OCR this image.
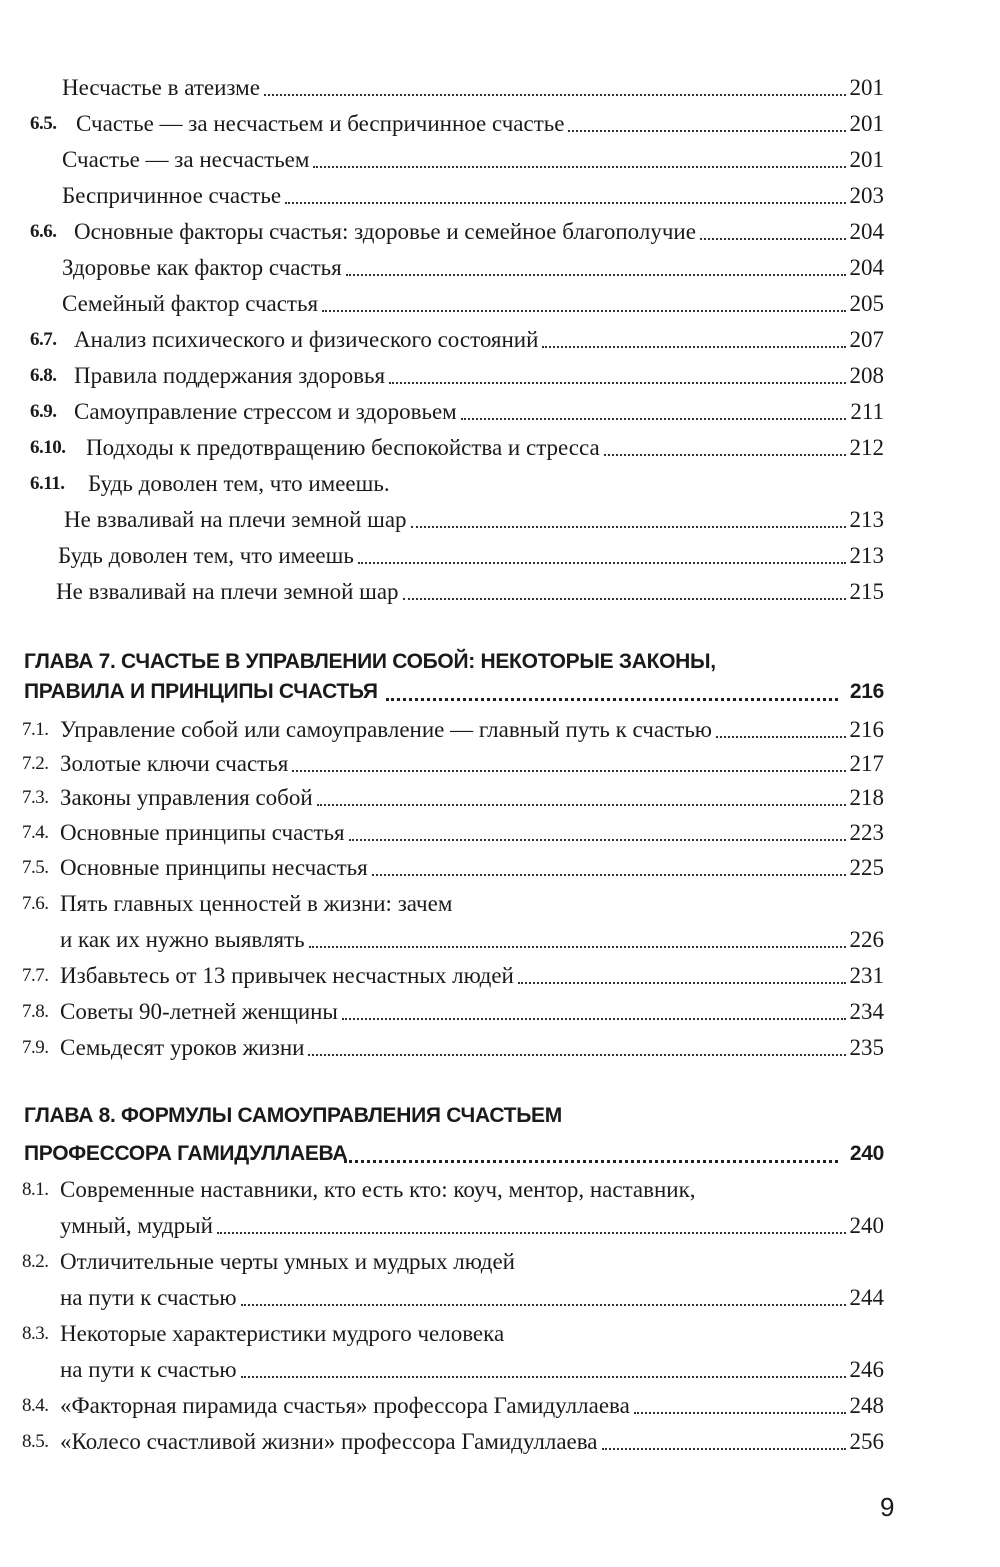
Несчастье в атеизме	201
6.5. Счастье — за несчастьем и беспричинное счастье	201
Счастье — за несчастьем	201
Беспричинное счастье	203
6.6. Основные факторы счастья: здоровье и семейное благополучие	204
Здоровье как фактор счастья	204
Семейный фактор счастья	205
6.7. Анализ психического и физического состояний	207
6.8. Правила поддержания здоровья	208
6.9. Самоуправление стрессом и здоровьем	211
6.10. Подходы к предотвращению беспокойства и стресса	212
6.11. Будь доволен тем, что имеешь.
Не взваливай на плечи земной шар	213
Будь доволен тем, что имеешь	213
Не взваливай на плечи земной шар	215
ГЛАВА 7. СЧАСТЬЕ В УПРАВЛЕНИИ СОБОЙ: НЕКОТОРЫЕ ЗАКОНЫ,
ПРАВИЛА И ПРИНЦИПЫ СЧАСТЬЯ	216
7.1. Управление собой или самоуправление — главный путь к счастью	216
7.2. Золотые ключи счастья	217
7.3. Законы управления собой	218
7.4. Основные принципы счастья	223
7.5. Основные принципы несчастья	225
7.6. Пять главных ценностей в жизни: зачем
и как их нужно выявлять	226
7.7. Избавьтесь от 13 привычек несчастных людей	231
7.8. Советы 90-летней женщины	234
7.9. Семьдесят уроков жизни	235
ГЛАВА 8. ФОРМУЛЫ САМОУПРАВЛЕНИЯ СЧАСТЬЕМ
ПРОФЕССОРА ГАМИДУЛЛАЕВА	240
8.1. Современные наставники, кто есть кто: коуч, ментор, наставник,
умный, мудрый	240
8.2. Отличительные черты умных и мудрых людей
на пути к счастью	244
8.3. Некоторые характеристики мудрого человека
на пути к счастью	246
8.4. «Факторная пирамида счастья» профессора Гамидуллаева	248
8.5. «Колесо счастливой жизни» профессора Гамидуллаева	256
9
